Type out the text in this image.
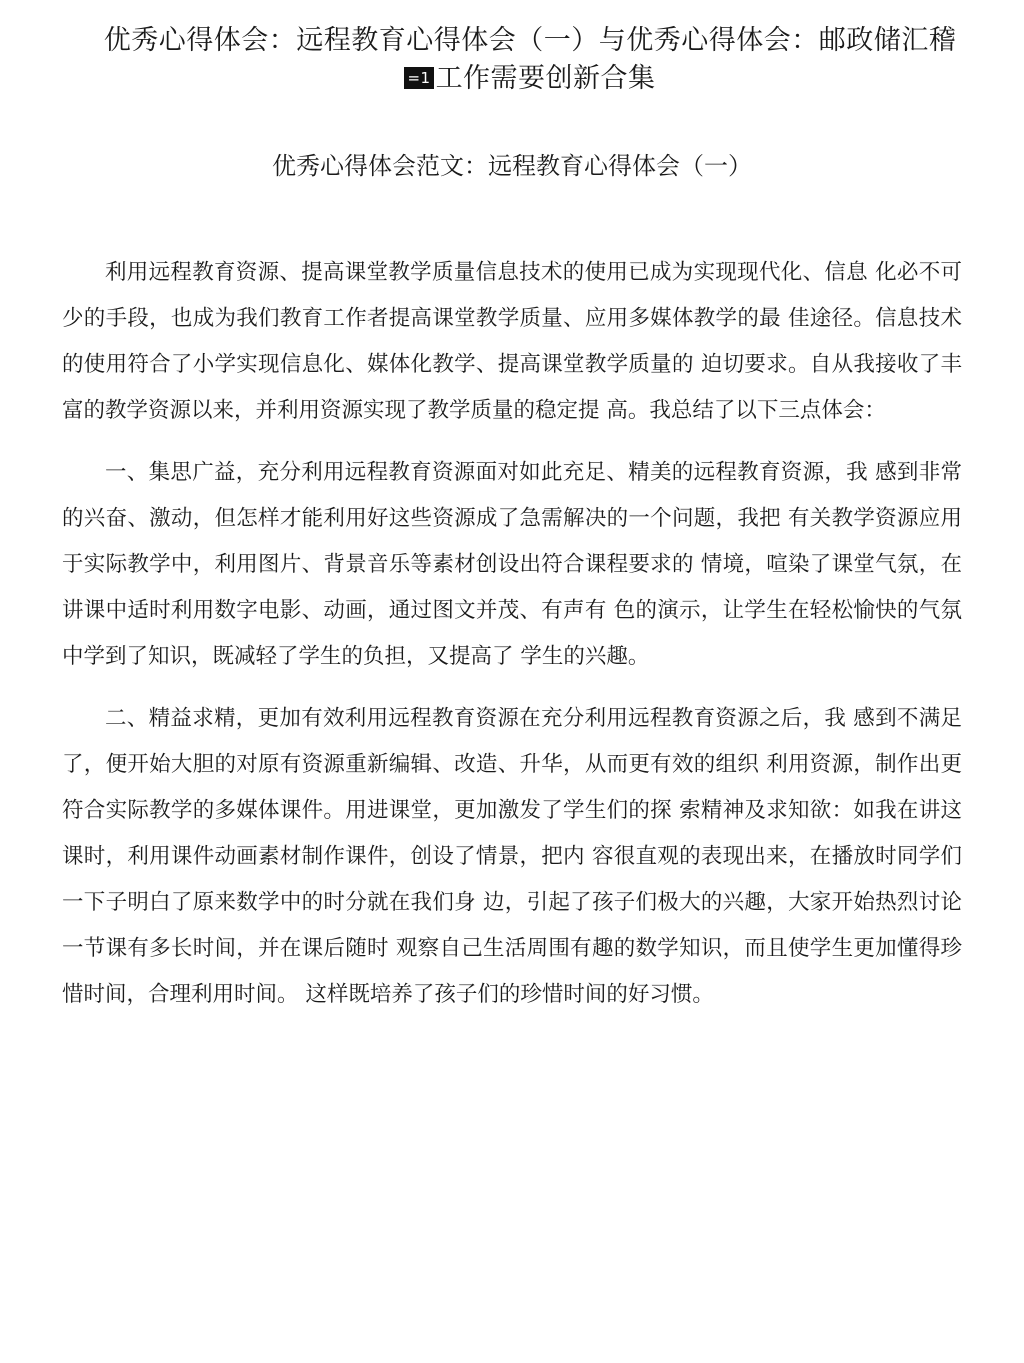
优秀心得体会：远程教育心得体会（一）与优秀心得体会：邮政储汇稽
=1 工作需要创新合集
优秀心得体会范文：远程教育心得体会（一）

利用远程教育资源、提高课堂教学质量信息技术的使用已成为实现现代化、信息 化必不可少的手段，也成为我们教育工作者提高课堂教学质量、应用多媒体教学的最 佳途径。信息技术的使用符合了小学实现信息化、媒体化教学、提高课堂教学质量的 迫切要求。自从我接收了丰富的教学资源以来，并利用资源实现了教学质量的稳定提 高。我总结了以下三点体会：

一、集思广益，充分利用远程教育资源面对如此充足、精美的远程教育资源，我 感到非常的兴奋、激动，但怎样才能利用好这些资源成了急需解决的一个问题，我把 有关教学资源应用于实际教学中，利用图片、背景音乐等素材创设出符合课程要求的 情境，喧染了课堂气氛，在讲课中适时利用数字电影、动画，通过图文并茂、有声有 色的演示，让学生在轻松愉快的气氛中学到了知识，既减轻了学生的负担，又提高了 学生的兴趣。

二、精益求精，更加有效利用远程教育资源在充分利用远程教育资源之后，我 感到不满足了，便开始大胆的对原有资源重新编辑、改造、升华，从而更有效的组织 利用资源，制作出更符合实际教学的多媒体课件。用进课堂，更加激发了学生们的探 索精神及求知欲：如我在讲这课时，利用课件动画素材制作课件，创设了情景，把内 容很直观的表现出来，在播放时同学们一下子明白了原来数学中的时分就在我们身 边，引起了孩子们极大的兴趣，大家开始热烈讨论一节课有多长时间，并在课后随时 观察自己生活周围有趣的数学知识，而且使学生更加懂得珍惜时间，合理利用时间。 这样既培养了孩子们的珍惜时间的好习惯。
